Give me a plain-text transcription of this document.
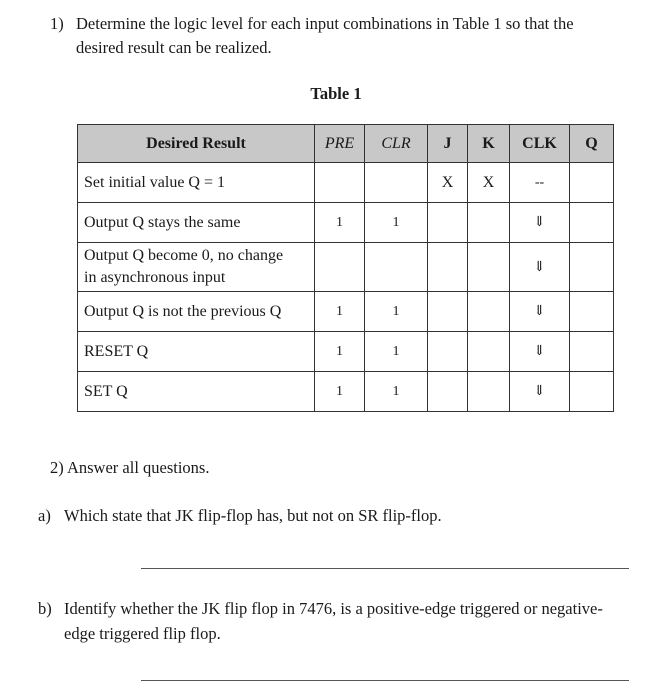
1) Determine the logic level for each input combinations in Table 1 so that the
desired result can be realized.
Table 1
Desired Result	PRE	CLR	J	K	CLK	Q
Set initial value Q = 1			X	X	--	
Output Q stays the same	1	1			⇓	
Output Q become 0, no change
in asynchronous input					⇓	
Output Q is not the previous Q	1	1			⇓	
RESET Q	1	1			⇓	
SET Q	1	1			⇓	
2) Answer all questions.
a) Which state that JK flip-flop has, but not on SR flip-flop.
b) Identify whether the JK flip flop in 7476, is a positive-edge triggered or negative-
edge triggered flip flop.
